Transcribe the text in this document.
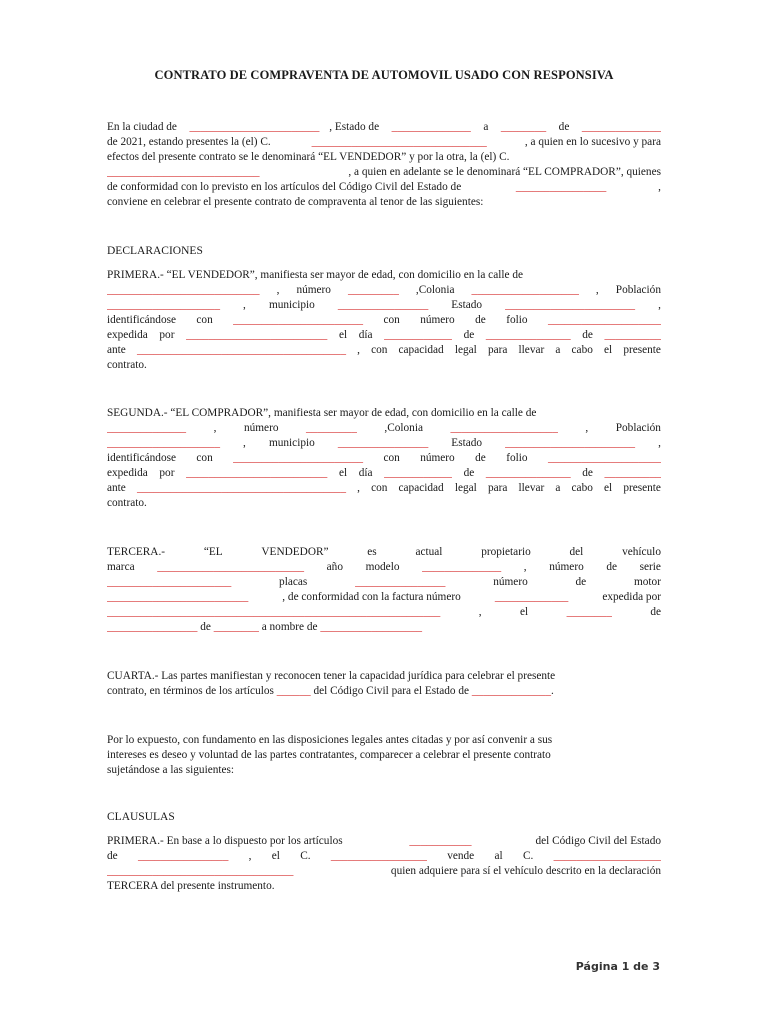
CONTRATO DE COMPRAVENTA DE AUTOMOVIL USADO CON RESPONSIVA
En la ciudad de _______________________ , Estado de ______________ a ________ de ______________
de 2021, estando presentes la (el) C.	_______________________________	, a quien en lo sucesivo y para
efectos del presente contrato se le denominará “EL VENDEDOR” y por la otra, la (el) C.
___________________________	, a quien en adelante se le denominará “EL COMPRADOR”, quienes
de conformidad con lo previsto en los artículos del Código Civil del Estado de	________________	,
conviene en celebrar el presente contrato de compraventa al tenor de las siguientes:
DECLARACIONES
PRIMERA.- “EL VENDEDOR”, manifiesta ser mayor de edad, con domicilio en la calle de
___________________________ , número _________ ,Colonia ___________________ , Población
____________________ , municipio ________________ Estado _______________________ ,
identificándose con _______________________ con número de folio ____________________
expedida por _________________________ el día ____________ de _______________ de __________
ante _____________________________________ , con capacidad legal para llevar a cabo el presente
contrato.
SEGUNDA.- “EL COMPRADOR”, manifiesta ser mayor de edad, con domicilio en la calle de
______________ , número _________ ,Colonia ___________________ , Población
____________________ , municipio ________________ Estado _______________________ ,
identificándose con _______________________ con número de folio ____________________
expedida por _________________________ el día ____________ de _______________ de __________
ante _____________________________________ , con capacidad legal para llevar a cabo el presente
contrato.
TERCERA.-	“EL	VENDEDOR”	es	actual	propietario	del	vehículo
marca __________________________ año modelo ______________ , número de serie
______________________	placas	________________	número	de	motor
_________________________	, de conformidad con la factura número	_____________	expedida por
___________________________________________________________	,	el	________	de
________________ de ________ a nombre de __________________
CUARTA.- Las partes manifiestan y reconocen tener la capacidad jurídica para celebrar el presente
contrato, en términos de los artículos ______ del Código Civil para el Estado de ______________ .
Por lo expuesto, con fundamento en las disposiciones legales antes citadas y por así convenir a sus
intereses es deseo y voluntad de las partes contratantes, comparecer a celebrar el presente contrato
sujetándose a las siguientes:
CLAUSULAS
PRIMERA.- En base a lo dispuesto por los artículos	___________	del Código Civil del Estado
de ________________ , el C. _________________ vende al C. ___________________
_________________________________	quien adquiere para sí el vehículo descrito en la declaración
TERCERA del presente instrumento.
Página 1 de 3
